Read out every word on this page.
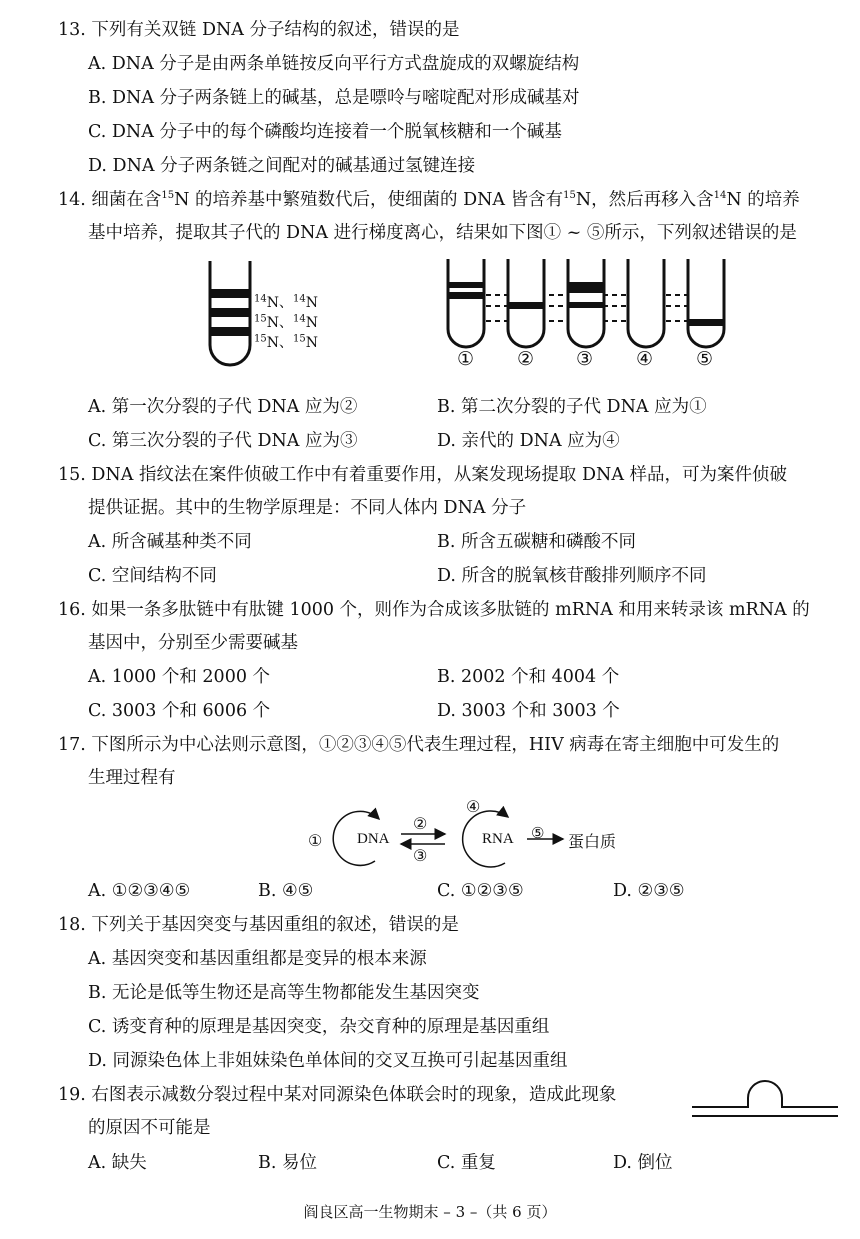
13. 下列有关双链 DNA 分子结构的叙述，错误的是
A. DNA 分子是由两条单链按反向平行方式盘旋成的双螺旋结构
B. DNA 分子两条链上的碱基，总是嘌呤与嘧啶配对形成碱基对
C. DNA 分子中的每个磷酸均连接着一个脱氧核糖和一个碱基
D. DNA 分子两条链之间配对的碱基通过氢键连接
14. 细菌在含$^{15}$N 的培养基中繁殖数代后，使细菌的 DNA 皆含有$^{15}$N，然后再移入含$^{14}$N 的培养
基中培养，提取其子代的 DNA 进行梯度离心，结果如下图① ~ ⑤所示，下列叙述错误的是
$^{14}$N、$^{14}$N
$^{15}$N、$^{14}$N
$^{15}$N、$^{15}$N
① ② ③ ④ ⑤
A. 第一次分裂的子代 DNA 应为②	B. 第二次分裂的子代 DNA 应为①
C. 第三次分裂的子代 DNA 应为③	D. 亲代的 DNA 应为④
15. DNA 指纹法在案件侦破工作中有着重要作用，从案发现场提取 DNA 样品，可为案件侦破
提供证据。其中的生物学原理是：不同人体内 DNA 分子
A. 所含碱基种类不同	B. 所含五碳糖和磷酸不同
C. 空间结构不同	D. 所含的脱氧核苷酸排列顺序不同
16. 如果一条多肽链中有肽键 1000 个，则作为合成该多肽链的 mRNA 和用来转录该 mRNA 的
基因中，分别至少需要碱基
A. 1000 个和 2000 个	B. 2002 个和 4004 个
C. 3003 个和 6006 个	D. 3003 个和 3003 个
17. 下图所示为中心法则示意图，①②③④⑤代表生理过程，HIV 病毒在寄主细胞中可发生的
生理过程有
① DNA
②
③
④
RNA ⑤ 蛋白质
A. ①②③④⑤	B. ④⑤	C. ①②③⑤	D. ②③⑤
18. 下列关于基因突变与基因重组的叙述，错误的是
A. 基因突变和基因重组都是变异的根本来源
B. 无论是低等生物还是高等生物都能发生基因突变
C. 诱变育种的原理是基因突变，杂交育种的原理是基因重组
D. 同源染色体上非姐妹染色单体间的交叉互换可引起基因重组
19. 右图表示减数分裂过程中某对同源染色体联会时的现象，造成此现象
的原因不可能是
A. 缺失	B. 易位	C. 重复	D. 倒位
阎良区高一生物期末 – 3 –（共 6 页）
